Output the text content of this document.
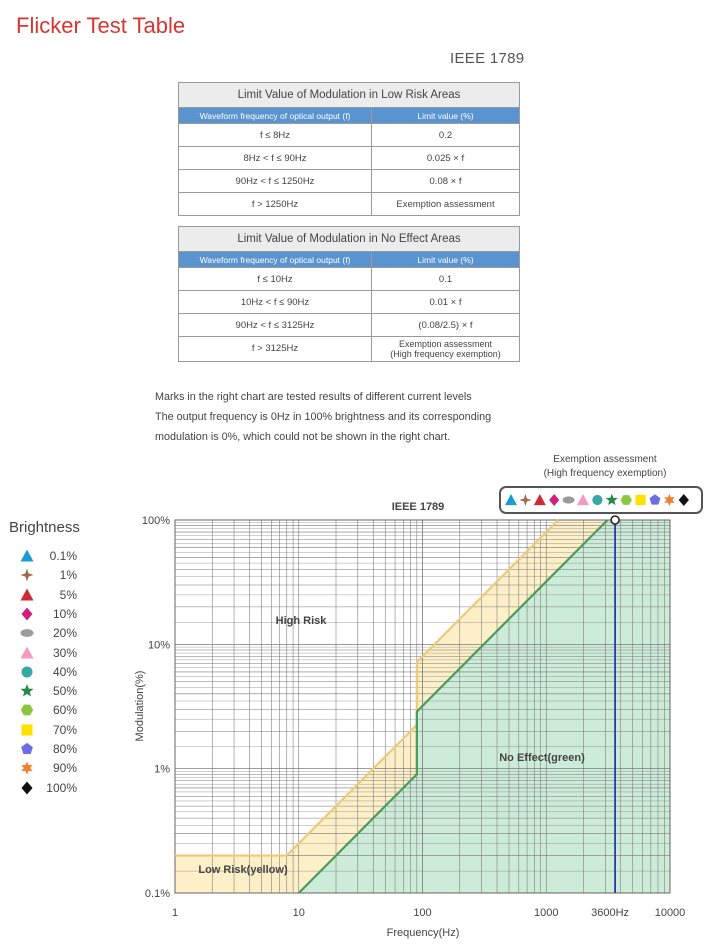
Flicker Test Table
IEEE 1789
Limit Value of Modulation in Low Risk Areas	
Waveform frequency of optical output (f)	Limit value (%)
f ≤ 8Hz	0.2
8Hz < f ≤ 90Hz	0.025 × f
90Hz < f ≤ 1250Hz	0.08 × f
f > 1250Hz	Exemption assessment
Limit Value of Modulation in No Effect Areas	
Waveform frequency of optical output (f)	Limit value (%)
f ≤ 10Hz	0.1
10Hz < f ≤ 90Hz	0.01 × f
90Hz < f ≤ 3125Hz	(0.08/2.5) × f
f > 3125Hz	Exemption assessment
(High frequency exemption)
Marks in the right chart are tested results of different current levels
The output frequency is 0Hz in 100% brightness and its corresponding
modulation is 0%, which could not be shown in the right chart.
Exemption assessment
(High frequency exemption)
Brightness
0.1%
1%
5%
10%
20%
30%
40%
50%
60%
70%
80%
90%
100%
IEEE 1789
High Risk
Low Risk(yellow)
No Effect(green)
1	10	100	1000	3600Hz 10000
0.1%
1%
10%
100%
Frequency(Hz)
Modulation(%)
